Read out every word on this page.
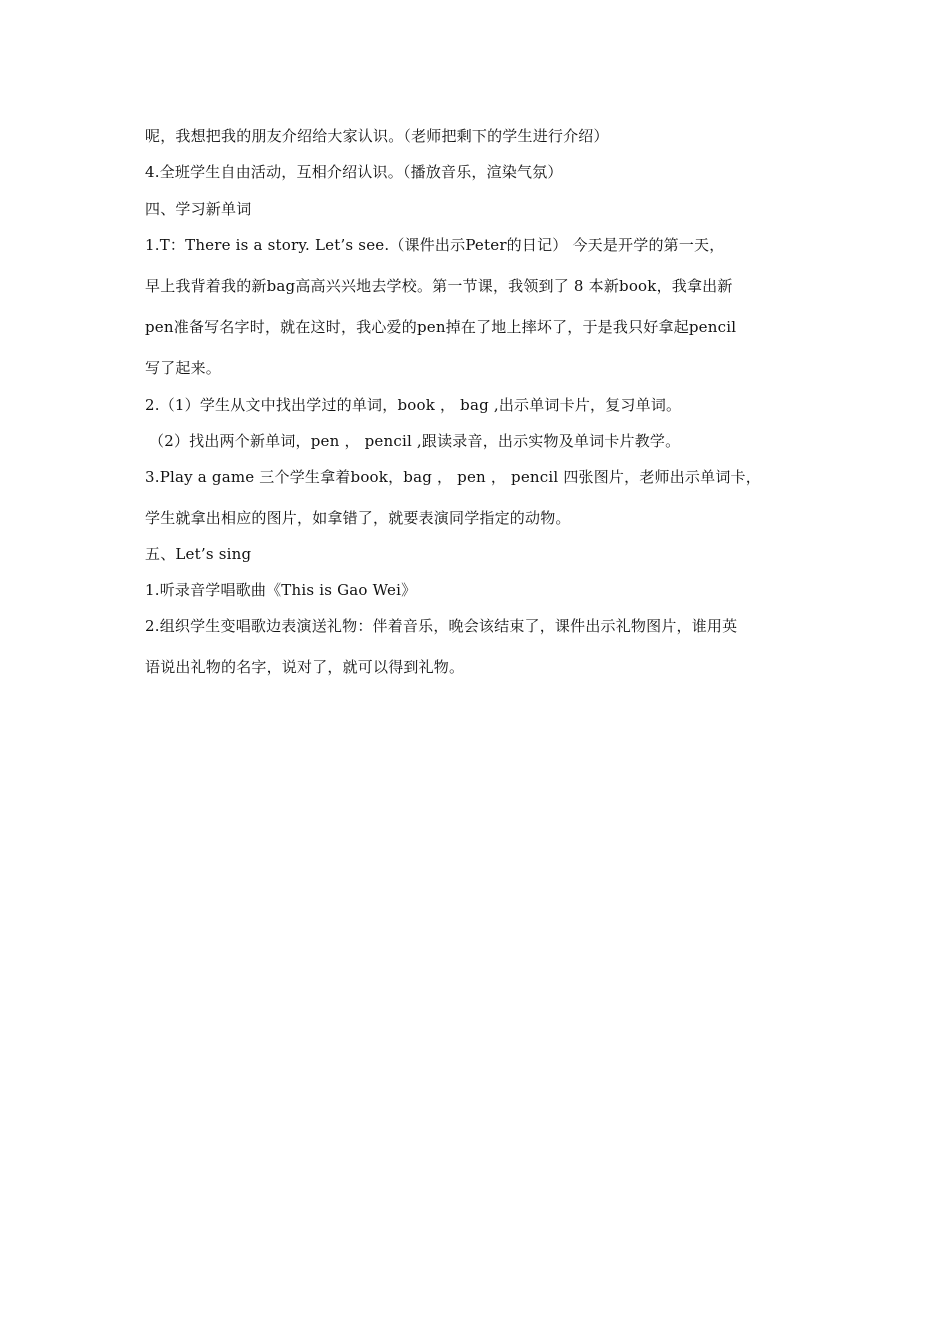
呢，我想把我的朋友介绍给大家认识。（老师把剩下的学生进行介绍）
4.全班学生自由活动，互相介绍认识。（播放音乐，渲染气氛）
四、学习新单词
1.T：There is a story. Let’s see.（课件出示Peter的日记） 今天是开学的第一天，
早上我背着我的新bag高高兴兴地去学校。第一节课，我领到了 8 本新book，我拿出新
pen准备写名字时，就在这时，我心爱的pen掉在了地上摔坏了，于是我只好拿起pencil
写了起来。
2.（1）学生从文中找出学过的单词，book ， bag ,出示单词卡片，复习单词。
（2）找出两个新单词，pen ， pencil ,跟读录音，出示实物及单词卡片教学。
3.Play a game 三个学生拿着book，bag ， pen ， pencil 四张图片，老师出示单词卡，
学生就拿出相应的图片，如拿错了，就要表演同学指定的动物。
五、Let’s sing
1.听录音学唱歌曲《This is Gao Wei》
2.组织学生变唱歌边表演送礼物：伴着音乐，晚会该结束了，课件出示礼物图片，谁用英
语说出礼物的名字，说对了，就可以得到礼物。
